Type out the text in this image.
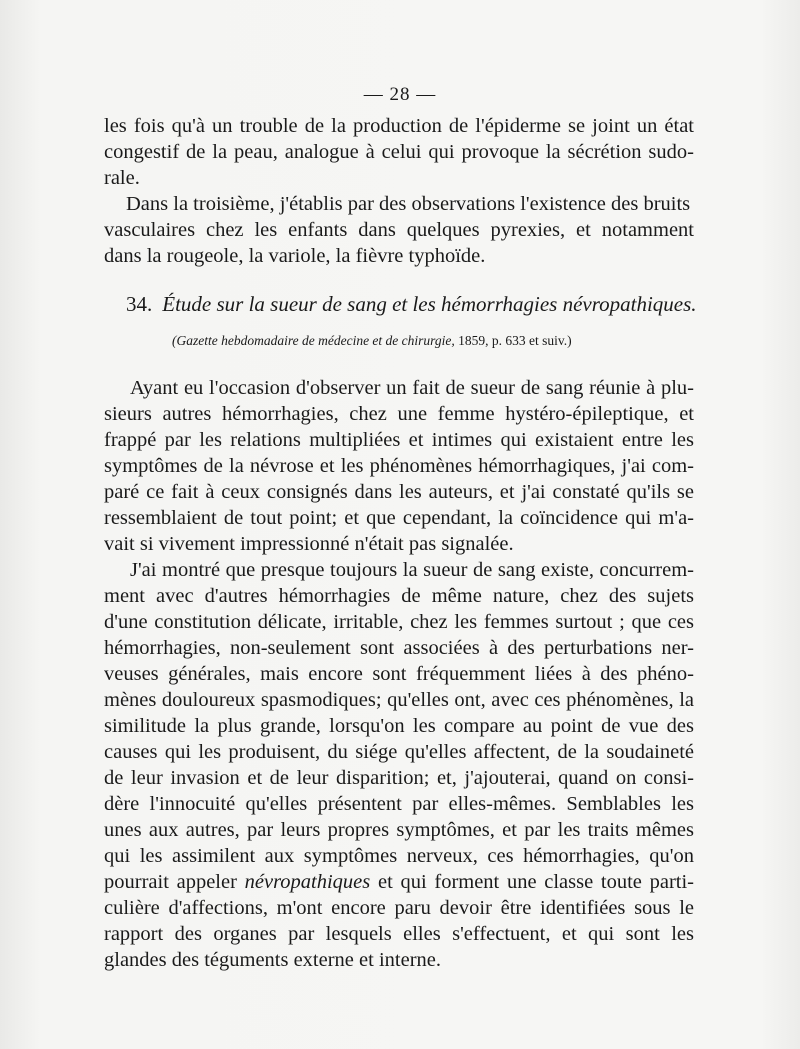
— 28 —
les fois qu'à un trouble de la production de l'épiderme se joint un état
congestif de la peau, analogue à celui qui provoque la sécrétion sudo-
rale.
Dans la troisième, j'établis par des observations l'existence des bruits
vasculaires chez les enfants dans quelques pyrexies, et notamment
dans la rougeole, la variole, la fièvre typhoïde.
34. Étude sur la sueur de sang et les hémorrhagies névropathiques.
(Gazette hebdomadaire de médecine et de chirurgie, 1859, p. 633 et suiv.)
Ayant eu l'occasion d'observer un fait de sueur de sang réunie à plu-
sieurs autres hémorrhagies, chez une femme hystéro-épileptique, et
frappé par les relations multipliées et intimes qui existaient entre les
symptômes de la névrose et les phénomènes hémorrhagiques, j'ai com-
paré ce fait à ceux consignés dans les auteurs, et j'ai constaté qu'ils se
ressemblaient de tout point; et que cependant, la coïncidence qui m'a-
vait si vivement impressionné n'était pas signalée.
J'ai montré que presque toujours la sueur de sang existe, concurrem-
ment avec d'autres hémorrhagies de même nature, chez des sujets
d'une constitution délicate, irritable, chez les femmes surtout ; que ces
hémorrhagies, non-seulement sont associées à des perturbations ner-
veuses générales, mais encore sont fréquemment liées à des phéno-
mènes douloureux spasmodiques; qu'elles ont, avec ces phénomènes, la
similitude la plus grande, lorsqu'on les compare au point de vue des
causes qui les produisent, du siége qu'elles affectent, de la soudaineté
de leur invasion et de leur disparition; et, j'ajouterai, quand on consi-
dère l'innocuité qu'elles présentent par elles-mêmes. Semblables les
unes aux autres, par leurs propres symptômes, et par les traits mêmes
qui les assimilent aux symptômes nerveux, ces hémorrhagies, qu'on
pourrait appeler névropathiques et qui forment une classe toute parti-
culière d'affections, m'ont encore paru devoir être identifiées sous le
rapport des organes par lesquels elles s'effectuent, et qui sont les
glandes des téguments externe et interne.
